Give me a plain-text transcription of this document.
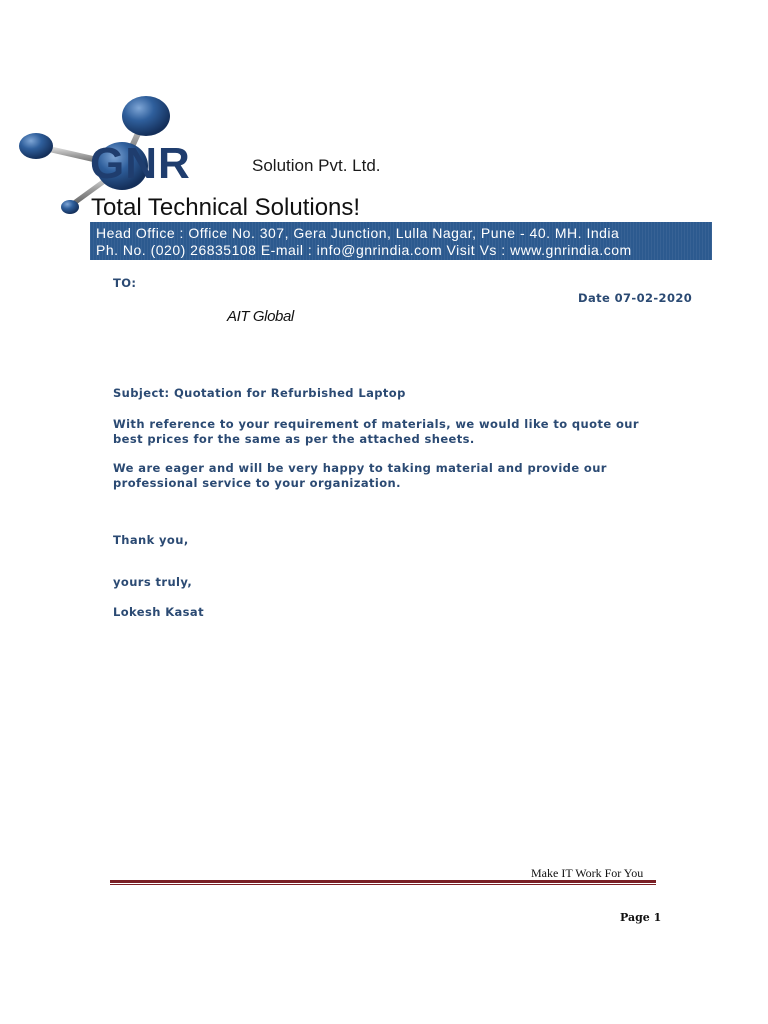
GNR	Solution Pvt. Ltd.
Total Technical Solutions!
Head Office : Office No. 307, Gera Junction, Lulla Nagar, Pune - 40. MH. India
Ph. No. (020) 26835108 E-mail : info@gnrindia.com Visit Vs : www.gnrindia.com
TO:
Date 07-02-2020
AIT Global
Subject: Quotation for Refurbished Laptop
With reference to your requirement of materials, we would like to quote our best prices for the same as per the attached sheets.
We are eager and will be very happy to taking material and provide our professional service to your organization.
Thank you,
yours truly,
Lokesh Kasat
Make IT Work For You
Page 1
